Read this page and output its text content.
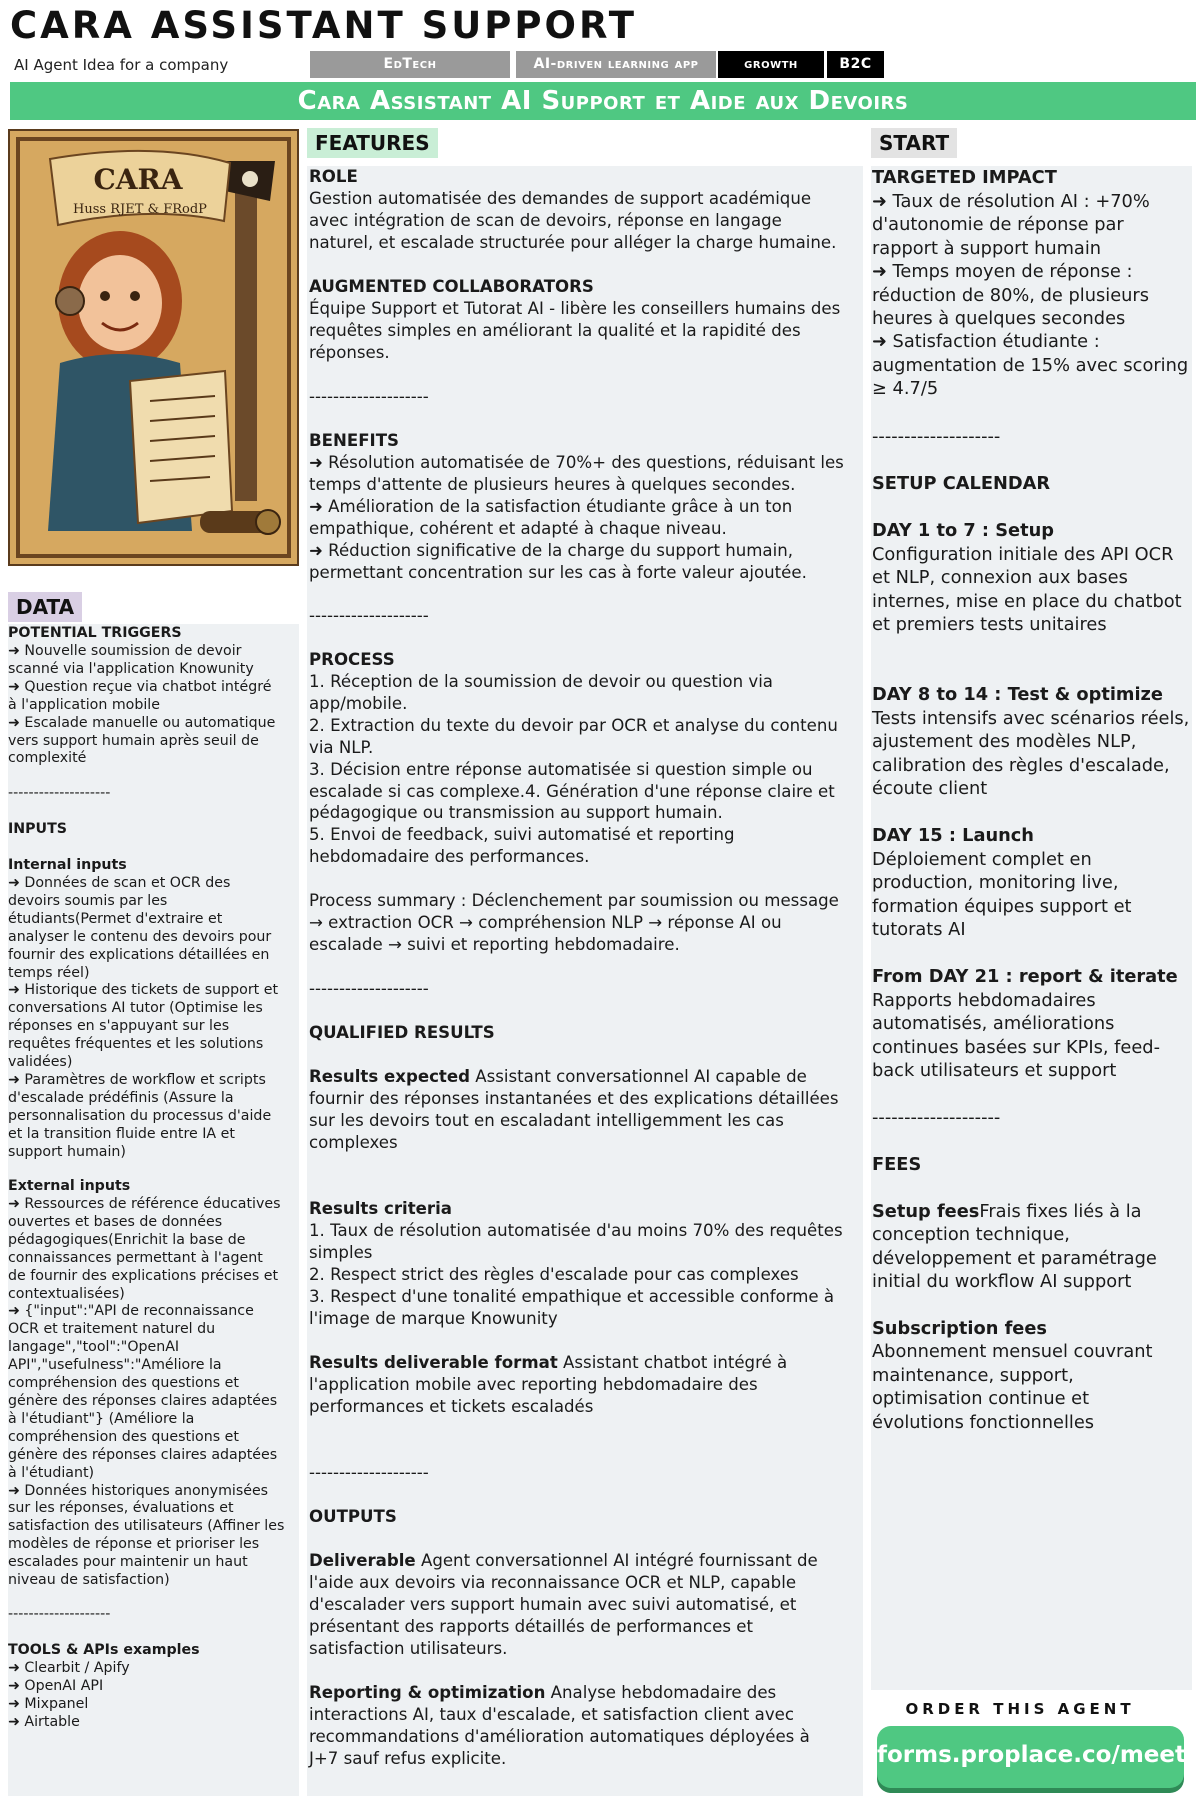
CARA ASSISTANT SUPPORT
AI Agent Idea for a company	EdTech	AI-driven learning app	growth	B2C
Cara Assistant AI Support et Aide aux Devoirs
CARA
Huss RJET & FRodP
DATA
POTENTIAL TRIGGERS
➜ Nouvelle soumission de devoir
scanné via l'application Knowunity
➜ Question reçue via chatbot intégré
à l'application mobile
➜ Escalade manuelle ou automatique
vers support humain après seuil de
complexité
--------------------
INPUTS
Internal inputs
➜ Données de scan et OCR des
devoirs soumis par les
étudiants(Permet d'extraire et
analyser le contenu des devoirs pour
fournir des explications détaillées en
temps réel)
➜ Historique des tickets de support et
conversations AI tutor (Optimise les
réponses en s'appuyant sur les
requêtes fréquentes et les solutions
validées)
➜ Paramètres de workflow et scripts
d'escalade prédéfinis (Assure la
personnalisation du processus d'aide
et la transition fluide entre IA et
support humain)
External inputs
➜ Ressources de référence éducatives
ouvertes et bases de données
pédagogiques(Enrichit la base de
connaissances permettant à l'agent
de fournir des explications précises et
contextualisées)
➜ {"input":"API de reconnaissance
OCR et traitement naturel du
langage","tool":"OpenAI
API","usefulness":"Améliore la
compréhension des questions et
génère des réponses claires adaptées
à l'étudiant"} (Améliore la
compréhension des questions et
génère des réponses claires adaptées
à l'étudiant)
➜ Données historiques anonymisées
sur les réponses, évaluations et
satisfaction des utilisateurs (Affiner les
modèles de réponse et prioriser les
escalades pour maintenir un haut
niveau de satisfaction)
--------------------
TOOLS & APIs examples
➜ Clearbit / Apify
➜ OpenAI API
➜ Mixpanel
➜ Airtable
FEATURES
ROLE
Gestion automatisée des demandes de support académique
avec intégration de scan de devoirs, réponse en langage
naturel, et escalade structurée pour alléger la charge humaine.
AUGMENTED COLLABORATORS
Équipe Support et Tutorat AI - libère les conseillers humains des
requêtes simples en améliorant la qualité et la rapidité des
réponses.
--------------------
BENEFITS
➜ Résolution automatisée de 70%+ des questions, réduisant les
temps d'attente de plusieurs heures à quelques secondes.
➜ Amélioration de la satisfaction étudiante grâce à un ton
empathique, cohérent et adapté à chaque niveau.
➜ Réduction significative de la charge du support humain,
permettant concentration sur les cas à forte valeur ajoutée.
--------------------
PROCESS
1. Réception de la soumission de devoir ou question via
app/mobile.
2. Extraction du texte du devoir par OCR et analyse du contenu
via NLP.
3. Décision entre réponse automatisée si question simple ou
escalade si cas complexe.4. Génération d'une réponse claire et
pédagogique ou transmission au support humain.
5. Envoi de feedback, suivi automatisé et reporting
hebdomadaire des performances.
Process summary : Déclenchement par soumission ou message
→ extraction OCR → compréhension NLP → réponse AI ou
escalade → suivi et reporting hebdomadaire.
--------------------
QUALIFIED RESULTS
Results expected Assistant conversationnel AI capable de
fournir des réponses instantanées et des explications détaillées
sur les devoirs tout en escaladant intelligemment les cas
complexes
Results criteria
1. Taux de résolution automatisée d'au moins 70% des requêtes
simples
2. Respect strict des règles d'escalade pour cas complexes
3. Respect d'une tonalité empathique et accessible conforme à
l'image de marque Knowunity
Results deliverable format Assistant chatbot intégré à
l'application mobile avec reporting hebdomadaire des
performances et tickets escaladés
--------------------
OUTPUTS
Deliverable Agent conversationnel AI intégré fournissant de
l'aide aux devoirs via reconnaissance OCR et NLP, capable
d'escalader vers support humain avec suivi automatisé, et
présentant des rapports détaillés de performances et
satisfaction utilisateurs.
Reporting & optimization Analyse hebdomadaire des
interactions AI, taux d'escalade, et satisfaction client avec
recommandations d'amélioration automatiques déployées à
J+7 sauf refus explicite.
START
TARGETED IMPACT
➜ Taux de résolution AI : +70%
d'autonomie de réponse par
rapport à support humain
➜ Temps moyen de réponse :
réduction de 80%, de plusieurs
heures à quelques secondes
➜ Satisfaction étudiante :
augmentation de 15% avec scoring
≥ 4.7/5
--------------------
SETUP CALENDAR
DAY 1 to 7 : Setup
Configuration initiale des API OCR
et NLP, connexion aux bases
internes, mise en place du chatbot
et premiers tests unitaires
DAY 8 to 14 : Test & optimize
Tests intensifs avec scénarios réels,
ajustement des modèles NLP,
calibration des règles d'escalade,
écoute client
DAY 15 : Launch
Déploiement complet en
production, monitoring live,
formation équipes support et
tutorats AI
From DAY 21 : report & iterate
Rapports hebdomadaires
automatisés, améliorations
continues basées sur KPIs, feed-
back utilisateurs et support
--------------------
FEES
Setup feesFrais fixes liés à la
conception technique,
développement et paramétrage
initial du workflow AI support
Subscription fees
Abonnement mensuel couvrant
maintenance, support,
optimisation continue et
évolutions fonctionnelles
ORDER THIS AGENT
forms.proplace.co/meet
